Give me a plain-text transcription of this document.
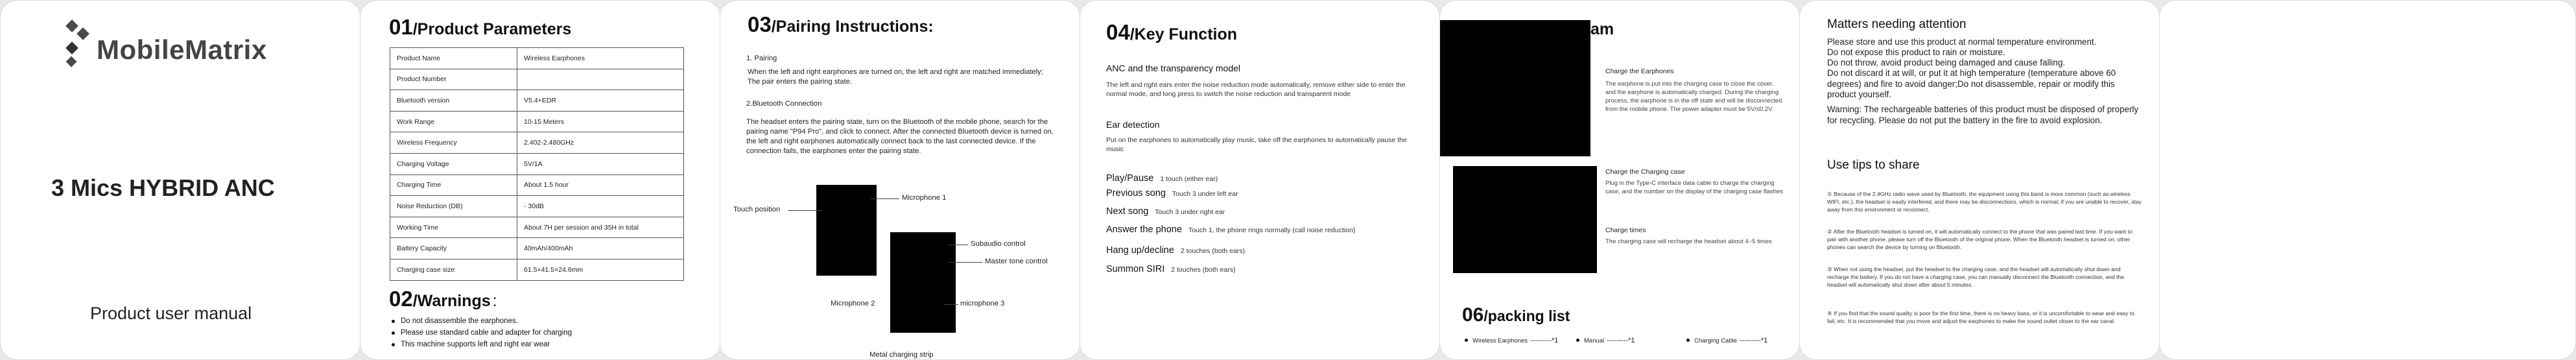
MobileMatrix
3 Mics HYBRID ANC
Product user manual
01 /Product Parameters
Product Name	Wireless Earphones
Product Number	
Bluetooth version	V5.4+EDR
Work Range	10-15 Meters
Wireless Frequency	2.402-2.480GHz
Charging Voltage	5V/1A
Charging Time	About 1.5 hour
Noise Reduction (DB)	- 30dB
Working Time	About 7H per session and 35H in total
Battery Capacity	40mAh/400mAh
Charging case size	61.5×41.5×24.6mm
02 /Warnings :
Do not disassemble the earphones.
Please use standard cable and adapter for charging
This machine supports left and right ear wear
03 /Pairing Instructions:
1. Pairing
When the left and right earphones are turned on, the left and right are matched immediately; The pair enters the pairing state.
2.Bluetooth Connection
The headset enters the pairing state, turn on the Bluetooth of the mobile phone, search for the pairing name "P94 Pro", and click to connect. After the connected Bluetooth device is turned on, the left and right earphones automatically connect back to the last connected device. If the connection fails, the earphones enter the pairing state.
Touch position
Microphone 1
Subaudio control
Master tone control
Microphone 2	microphone 3
Metal charging strip
04 /Key Function
ANC and the transparency model
The left and right ears enter the noise reduction mode automatically, remove either side to enter the normal mode, and long press to switch the noise reduction and transparent mode
Ear detection
Put on the earphones to automatically play music, take off the earphones to automatically pause the music
Play/Pause 1 touch (either ear)
Previous song Touch 3 under left ear
Next song Touch 3 under right ear
Answer the phone Touch 1, the phone rings normally (call noise reduction)
Hang up/decline 2 touches (both ears)
Summon SIRI 2 touches (both ears)
am
Charge the Earphones
The earphone is put into the charging case to close the cover, and the earphone is automatically charged. During the charging process, the earphone is in the off state and will be disconnected from the mobile phone. The power adapter must be 5V/≤0.2V.
Charge the Charging case
Plug in the Type-C interface data cable to charge the charging case, and the number on the display of the charging case flashes
Charge times
The charging case will recharge the headset about 4~5 times
06 /packing list
Wireless Earphones ---------*1	Manual ---------*1	Charging Cable ---------*1
Matters needing attention
Please store and use this product at normal temperature environment.
Do not expose this product to rain or moisture.
Do not throw, avoid product being damaged and cause falling.
Do not discard it at will, or put it at high temperature (temperature above 60 degrees) and fire to avoid danger;Do not disassemble, repair or modify this product yourself.
Warning: The rechargeable batteries of this product must be disposed of properly for recycling. Please do not put the battery in the fire to avoid explosion.
Use tips to share
① Because of the 2.4GHz radio wave used by Bluetooth, the equipment using this band is more common (such as wireless WIFI, etc.), the headset is easily interfered, and there may be disconnections, which is normal; if you are unable to recover, stay away from this environment or reconnect.
② After the Bluetooth headset is turned on, it will automatically connect to the phone that was paired last time. If you want to pair with another phone, please turn off the Bluetooth of the original phone. When the Bluetooth headset is turned on, other phones can search the device by turning on Bluetooth.
③ When not using the headset, put the headset to the charging case, and the headset will automatically shut down and recharge the battery. If you do not have a charging case, you can manually disconnect the Bluetooth connection, and the headset will automatically shut down after about 5 minutes.
④ If you find that the sound quality is poor for the first time, there is no heavy bass, or it is uncomfortable to wear and easy to fall, etc. It is recommended that you move and adjust the earphones to make the sound outlet closer to the ear canal.
